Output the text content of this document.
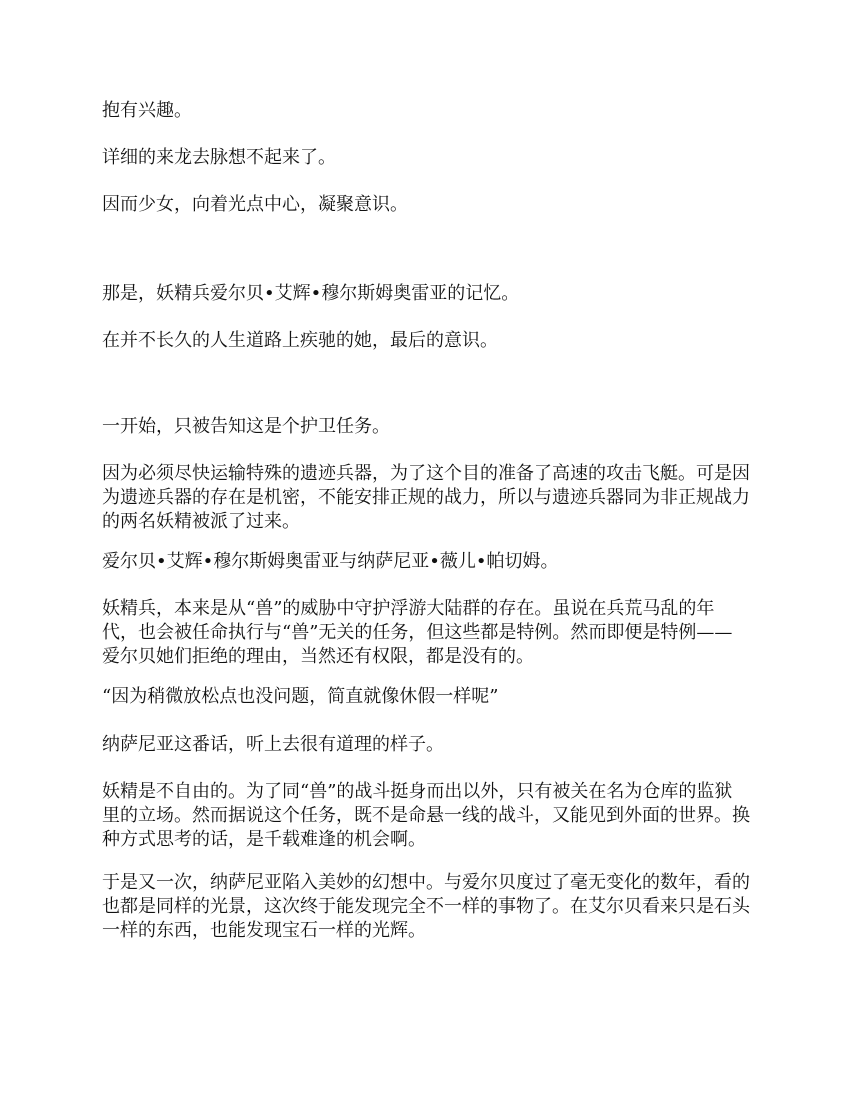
抱有兴趣。

详细的来龙去脉想不起来了。

因而少女，向着光点中心，凝聚意识。

那是，妖精兵爱尔贝•艾辉•穆尔斯姆奥雷亚的记忆。

在并不长久的人生道路上疾驰的她，最后的意识。

一开始，只被告知这是个护卫任务。

因为必须尽快运输特殊的遗迹兵器，为了这个目的准备了高速的攻击飞艇。可是因为遗迹兵器的存在是机密，不能安排正规的战力，所以与遗迹兵器同为非正规战力的两名妖精被派了过来。

爱尔贝•艾辉•穆尔斯姆奥雷亚与纳萨尼亚•薇儿•帕切姆。

妖精兵，本来是从“兽”的威胁中守护浮游大陆群的存在。虽说在兵荒马乱的年代，也会被任命执行与“兽”无关的任务，但这些都是特例。然而即便是特例——爱尔贝她们拒绝的理由，当然还有权限，都是没有的。

“因为稍微放松点也没问题，简直就像休假一样呢”

纳萨尼亚这番话，听上去很有道理的样子。

妖精是不自由的。为了同“兽”的战斗挺身而出以外，只有被关在名为仓库的监狱里的立场。然而据说这个任务，既不是命悬一线的战斗，又能见到外面的世界。换种方式思考的话，是千载难逢的机会啊。

于是又一次，纳萨尼亚陷入美妙的幻想中。与爱尔贝度过了毫无变化的数年，看的也都是同样的光景，这次终于能发现完全不一样的事物了。在艾尔贝看来只是石头一样的东西，也能发现宝石一样的光辉。
